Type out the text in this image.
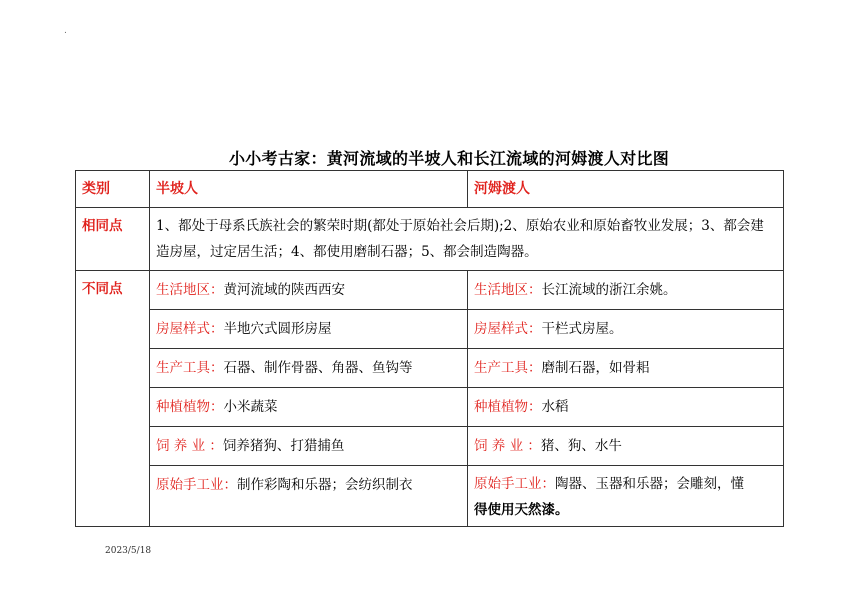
.
小小考古家：黄河流域的半坡人和长江流域的河姆渡人对比图
类别	半坡人	河姆渡人
相同点	1、都处于母系氏族社会的繁荣时期(都处于原始社会后期);2、原始农业和原始畜牧业发展；3、都会建造房屋，过定居生活；4、都使用磨制石器；5、都会制造陶器。	
不同点	生活地区：黄河流域的陕西西安	生活地区：长江流域的浙江余姚。
	房屋样式：半地穴式圆形房屋	房屋样式：干栏式房屋。
	生产工具：石器、制作骨器、角器、鱼钩等	生产工具：磨制石器，如骨耜
	种植植物：小米蔬菜	种植植物：水稻
	饲 养 业 ：饲养猪狗、打猎捕鱼	饲 养 业 ：猪、狗、水牛
	原始手工业：制作彩陶和乐器；会纺织制衣	原始手工业：陶器、玉器和乐器；会雕刻，懂
得使用天然漆。
2023/5/18
